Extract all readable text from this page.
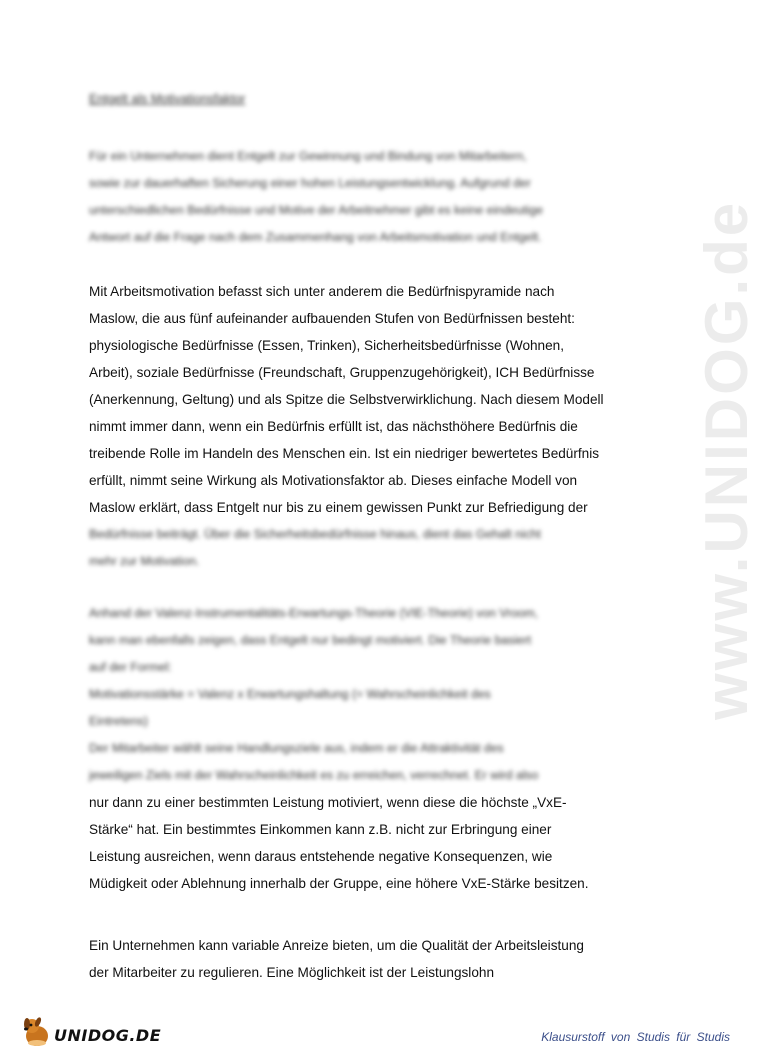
www.UNIDOG.de
Entgelt als Motivationsfaktor

Für ein Unternehmen dient Entgelt zur Gewinnung und Bindung von Mitarbeitern,
sowie zur dauerhaften Sicherung einer hohen Leistungsentwicklung. Aufgrund der
unterschiedlichen Bedürfnisse und Motive der Arbeitnehmer gibt es keine eindeutige
Antwort auf die Frage nach dem Zusammenhang von Arbeitsmotivation und Entgelt.

Mit Arbeitsmotivation befasst sich unter anderem die Bedürfnispyramide nach
Maslow, die aus fünf aufeinander aufbauenden Stufen von Bedürfnissen besteht:
physiologische Bedürfnisse (Essen, Trinken), Sicherheitsbedürfnisse (Wohnen,
Arbeit), soziale Bedürfnisse (Freundschaft, Gruppenzugehörigkeit), ICH Bedürfnisse
(Anerkennung, Geltung) und als Spitze die Selbstverwirklichung. Nach diesem Modell
nimmt immer dann, wenn ein Bedürfnis erfüllt ist, das nächsthöhere Bedürfnis die
treibende Rolle im Handeln des Menschen ein. Ist ein niedriger bewertetes Bedürfnis
erfüllt, nimmt seine Wirkung als Motivationsfaktor ab. Dieses einfache Modell von
Maslow erklärt, dass Entgelt nur bis zu einem gewissen Punkt zur Befriedigung der
Bedürfnisse beiträgt. Über die Sicherheitsbedürfnisse hinaus, dient das Gehalt nicht
mehr zur Motivation.

Anhand der Valenz-Instrumentalitäts-Erwartungs-Theorie (VIE-Theorie) von Vroom,
kann man ebenfalls zeigen, dass Entgelt nur bedingt motiviert. Die Theorie basiert
auf der Formel:
Motivationsstärke = Valenz x Erwartungshaltung (= Wahrscheinlichkeit des
Eintretens)
Der Mitarbeiter wählt seine Handlungsziele aus, indem er die Attraktivität des
jeweiligen Ziels mit der Wahrscheinlichkeit es zu erreichen, verrechnet. Er wird also
nur dann zu einer bestimmten Leistung motiviert, wenn diese die höchste „VxE-
Stärke“ hat. Ein bestimmtes Einkommen kann z.B. nicht zur Erbringung einer
Leistung ausreichen, wenn daraus entstehende negative Konsequenzen, wie
Müdigkeit oder Ablehnung innerhalb der Gruppe, eine höhere VxE-Stärke besitzen.

Ein Unternehmen kann variable Anreize bieten, um die Qualität der Arbeitsleistung
der Mitarbeiter zu regulieren. Eine Möglichkeit ist der Leistungslohn

UNIDOG.DE	Klausurstoff von Studis für Studis
